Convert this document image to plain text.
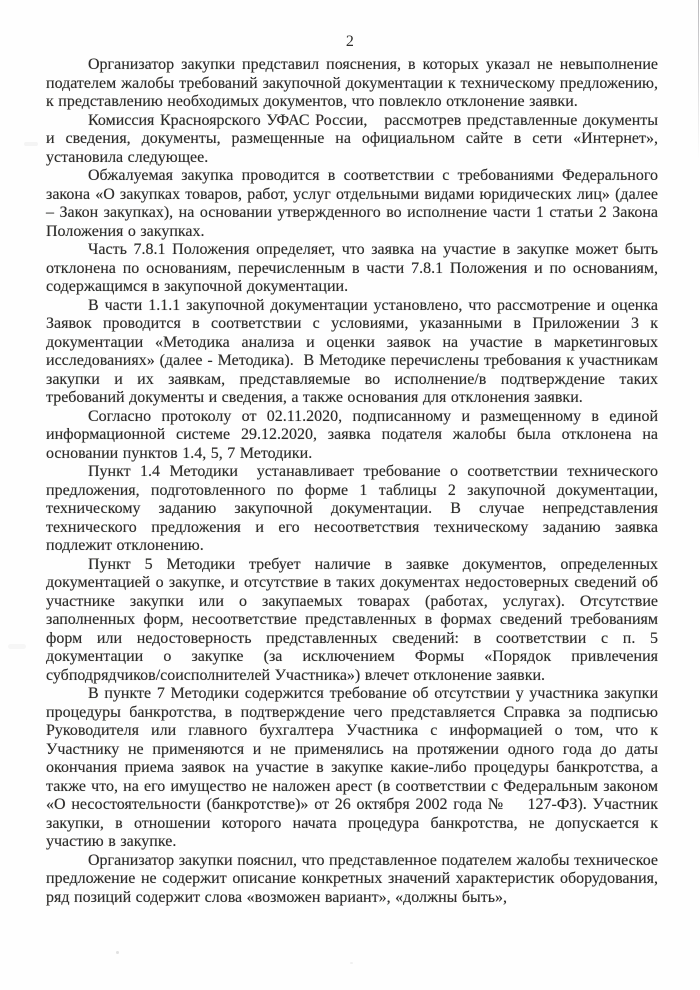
2

Организатор закупки представил пояснения, в которых указал не невыполнение подателем жалобы требований закупочной документации к техническому предложению, к представлению необходимых документов, что повлекло отклонение заявки.

Комиссия Красноярского УФАС России,   рассмотрев представленные документы и сведения, документы, размещенные на официальном сайте в сети «Интернет», установила следующее.

Обжалуемая закупка проводится в соответствии с требованиями Федерального закона «О закупках товаров, работ, услуг отдельными видами юридических лиц» (далее – Закон закупках), на основании утвержденного во исполнение части 1 статьи 2 Закона Положения о закупках.

Часть 7.8.1 Положения определяет, что заявка на участие в закупке может быть отклонена по основаниям, перечисленным в части 7.8.1 Положения и по основаниям, содержащимся в закупочной документации.

В части 1.1.1 закупочной документации установлено, что рассмотрение и оценка Заявок проводится в соответствии с условиями, указанными в Приложении 3 к документации «Методика анализа и оценки заявок на участие в маркетинговых исследованиях» (далее - Методика).  В Методике перечислены требования к участникам закупки и их заявкам, представляемые во исполнение/в подтверждение таких требований документы и сведения, а также основания для отклонения заявки.

Согласно протоколу от 02.11.2020, подписанному и размещенному в единой информационной системе 29.12.2020, заявка подателя жалобы была отклонена на основании пунктов 1.4, 5, 7 Методики.

Пункт 1.4 Методики  устанавливает требование о соответствии технического предложения, подготовленного по форме 1 таблицы 2 закупочной документации, техническому заданию закупочной документации. В случае непредставления технического предложения и его несоответствия техническому заданию заявка подлежит отклонению.

Пункт 5 Методики требует наличие в заявке документов, определенных документацией о закупке, и отсутствие в таких документах недостоверных сведений об участнике закупки или о закупаемых товарах (работах, услугах). Отсутствие заполненных форм, несоответствие представленных в формах сведений требованиям форм или недостоверность представленных сведений: в соответствии с п. 5 документации о закупке (за исключением Формы «Порядок привлечения субподрядчиков/соисполнителей Участника») влечет отклонение заявки.

В пункте 7 Методики содержится требование об отсутствии у участника закупки процедуры банкротства, в подтверждение чего представляется Справка за подписью Руководителя или главного бухгалтера Участника с информацией о том, что к Участнику не применяются и не применялись на протяжении одного года до даты окончания приема заявок на участие в закупке какие-либо процедуры банкротства, а также что, на его имущество не наложен арест (в соответствии с Федеральным законом «О несостоятельности (банкротстве)» от 26 октября 2002 года №    127-ФЗ). Участник закупки, в отношении которого начата процедура банкротства, не допускается к участию в закупке.

Организатор закупки пояснил, что представленное подателем жалобы техническое предложение не содержит описание конкретных значений характеристик оборудования, ряд позиций содержит слова «возможен вариант», «должны быть»,
